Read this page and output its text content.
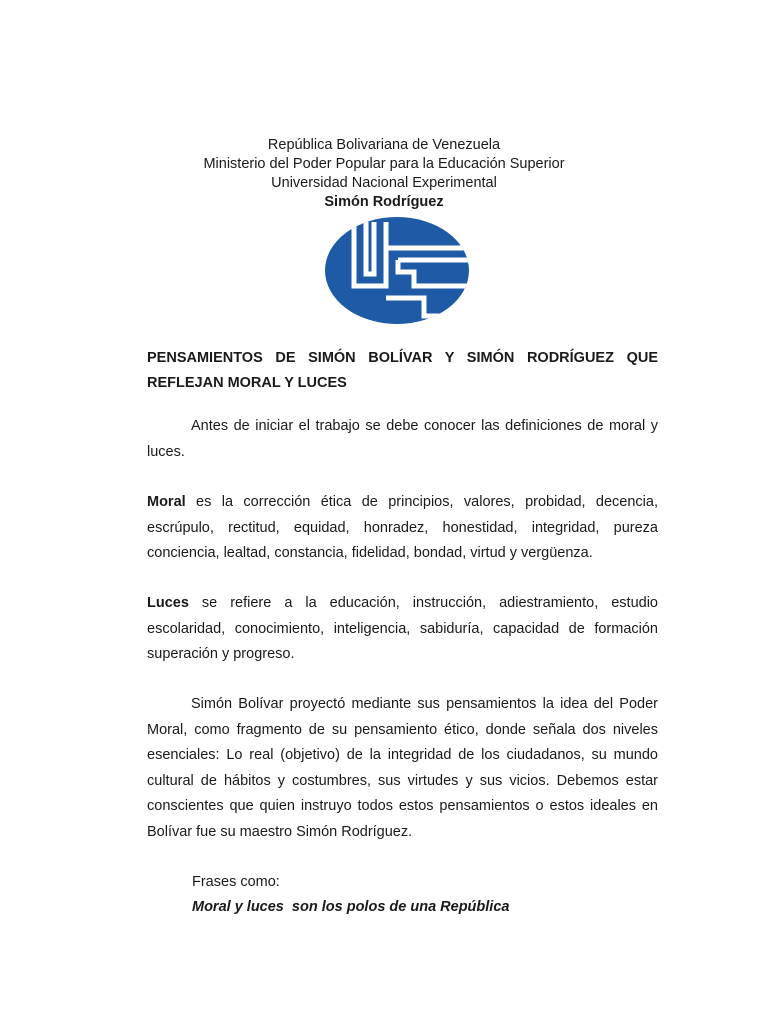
República Bolivariana de Venezuela
Ministerio del Poder Popular para la Educación Superior
Universidad Nacional Experimental
Simón Rodríguez
PENSAMIENTOS DE SIMÓN BOLÍVAR Y SIMÓN RODRÍGUEZ QUE
REFLEJAN MORAL Y LUCES

Antes de iniciar el trabajo se debe conocer las definiciones de moral y luces.

Moral es la corrección ética de principios, valores, probidad, decencia, escrúpulo, rectitud, equidad, honradez, honestidad, integridad, pureza conciencia, lealtad, constancia, fidelidad, bondad, virtud y vergüenza.

Luces se refiere a la educación, instrucción, adiestramiento, estudio escolaridad, conocimiento, inteligencia, sabiduría, capacidad de formación superación y progreso.

Simón Bolívar proyectó mediante sus pensamientos la idea del Poder Moral, como fragmento de su pensamiento ético, donde señala dos niveles esenciales: Lo real (objetivo) de la integridad de los ciudadanos, su mundo cultural de hábitos y costumbres, sus virtudes y sus vicios. Debemos estar conscientes que quien instruyo todos estos pensamientos o estos ideales en Bolívar fue su maestro Simón Rodríguez.

Frases como:
Moral y luces  son los polos de una República
